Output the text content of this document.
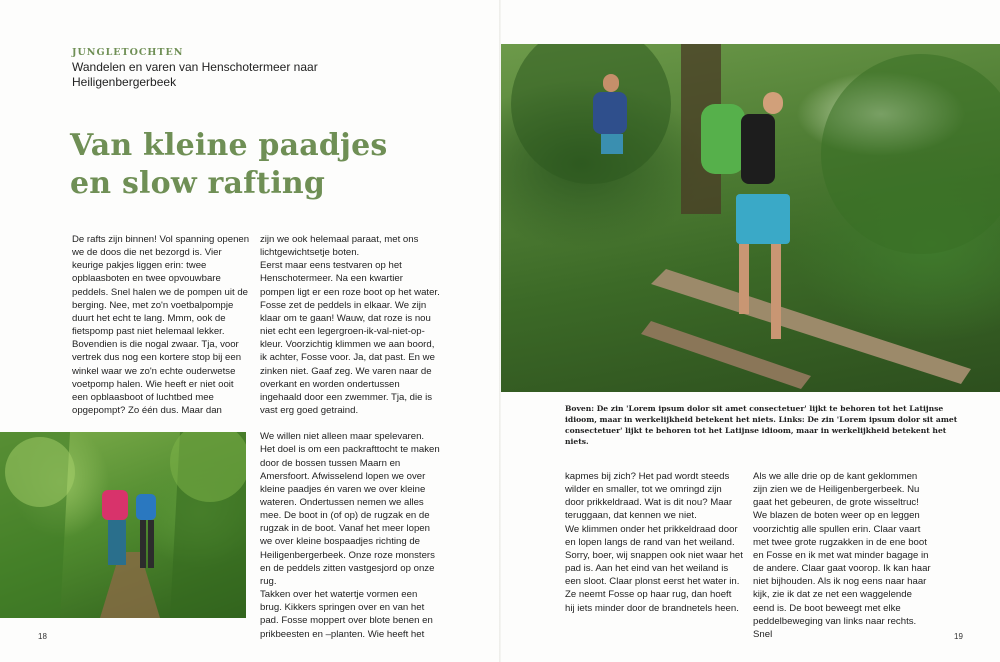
JUNGLETOCHTEN
Wandelen en varen van Henschotermeer naar Heiligenbergerbeek
Van kleine paadjes en slow rafting

De rafts zijn binnen! Vol spanning openen we de doos die net bezorgd is. Vier keurige pakjes liggen erin: twee opblaasboten en twee opvouwbare peddels. Snel halen we de pompen uit de berging. Nee, met zo'n voetbalpompje duurt het echt te lang. Mmm, ook de fietspomp past niet helemaal lekker. Bovendien is die nogal zwaar. Tja, voor vertrek dus nog een kortere stop bij een winkel waar we zo'n echte ouderwetse voetpomp halen. Wie heeft er niet ooit een opblaasboot of luchtbed mee opgepompt? Zo één dus. Maar dan

zijn we ook helemaal paraat, met ons lichtgewichtsetje boten.
Eerst maar eens testvaren op het Henschotermeer. Na een kwartier pompen ligt er een roze boot op het water. Fosse zet de peddels in elkaar. We zijn klaar om te gaan! Wauw, dat roze is nou niet echt een legergroen-ik-val-niet-op-kleur. Voorzichtig klimmen we aan boord, ik achter, Fosse voor. Ja, dat past. En we zinken niet. Gaaf zeg. We varen naar de overkant en worden ondertussen ingehaald door een zwemmer. Tja, die is vast erg goed getraind.

We willen niet alleen maar spelevaren. Het doel is om een packrafttocht te maken door de bossen tussen Maarn en Amersfoort. Afwisselend lopen we over kleine paadjes én varen we over kleine wateren. Ondertussen nemen we alles mee. De boot in (of op) de rugzak en de rugzak in de boot. Vanaf het meer lopen we over kleine bospaadjes richting de Heiligenbergerbeek. Onze roze monsters en de peddels zitten vastgesjord op onze rug.
Takken over het watertje vormen een brug. Kikkers springen over en van het pad. Fosse moppert over blote benen en prikbeesten en –planten. Wie heeft het

18
Boven: De zin 'Lorem ipsum dolor sit amet consectetuer' lijkt te behoren tot het Latijnse idioom, maar in werkelijkheid betekent het niets. Links: De zin 'Lorem ipsum dolor sit amet consectetuer' lijkt te behoren tot het Latijnse idioom, maar in werkelijkheid betekent het niets.

kapmes bij zich? Het pad wordt steeds wilder en smaller, tot we omringd zijn door prikkeldraad. Wat is dit nou? Maar teruggaan, dat kennen we niet.
We klimmen onder het prikkeldraad door en lopen langs de rand van het weiland. Sorry, boer, wij snappen ook niet waar het pad is. Aan het eind van het weiland is een sloot. Claar plonst eerst het water in. Ze neemt Fosse op haar rug, dan hoeft hij iets minder door de brandnetels heen.

Als we alle drie op de kant geklommen zijn zien we de Heiligenbergerbeek. Nu gaat het gebeuren, de grote wisseltruc! We blazen de boten weer op en leggen voorzichtig alle spullen erin. Claar vaart met twee grote rugzakken in de ene boot en Fosse en ik met wat minder bagage in de andere. Claar gaat voorop. Ik kan haar niet bijhouden. Als ik nog eens naar haar kijk, zie ik dat ze net een waggelende eend is. De boot beweegt met elke peddelbeweging van links naar rechts. Snel	19
